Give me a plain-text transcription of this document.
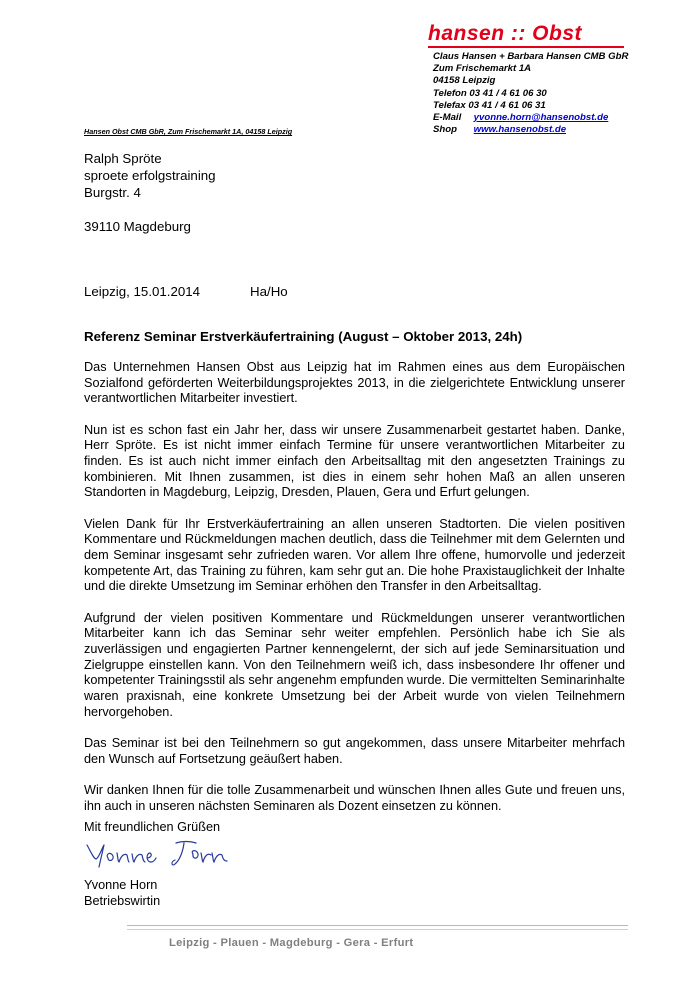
hansen :: Obst
Claus Hansen + Barbara Hansen CMB GbR
Zum Frischemarkt 1A
04158 Leipzig
Telefon 03 41 / 4 61 06 30
Telefax 03 41 / 4 61 06 31
E-Mail yvonne.horn@hansenobst.de
Shop www.hansenobst.de
Hansen Obst CMB GbR, Zum Frischemarkt 1A, 04158 Leipzig
Ralph Spröte
sproete erfolgstraining
Burgstr. 4
39110 Magdeburg
Leipzig, 15.01.2014	Ha/Ho
Referenz Seminar Erstverkäufertraining (August – Oktober 2013, 24h)

Das Unternehmen Hansen Obst aus Leipzig hat im Rahmen eines aus dem Europäischen Sozialfond geförderten Weiterbildungsprojektes 2013, in die zielgerichtete Entwicklung unserer verantwortlichen Mitarbeiter investiert.

Nun ist es schon fast ein Jahr her, dass wir unsere Zusammenarbeit gestartet haben. Danke, Herr Spröte. Es ist nicht immer einfach Termine für unsere verantwortlichen Mitarbeiter zu finden. Es ist auch nicht immer einfach den Arbeitsalltag mit den angesetzten Trainings zu kombinieren. Mit Ihnen zusammen, ist dies in einem sehr hohen Maß an allen unseren Standorten in Magdeburg, Leipzig, Dresden, Plauen, Gera und Erfurt gelungen.

Vielen Dank für Ihr Erstverkäufertraining an allen unseren Stadtorten. Die vielen positiven Kommentare und Rückmeldungen machen deutlich, dass die Teilnehmer mit dem Gelernten und dem Seminar insgesamt sehr zufrieden waren. Vor allem Ihre offene, humorvolle und jederzeit kompetente Art, das Training zu führen, kam sehr gut an. Die hohe Praxistauglichkeit der Inhalte und die direkte Umsetzung im Seminar erhöhen den Transfer in den Arbeitsalltag.

Aufgrund der vielen positiven Kommentare und Rückmeldungen unserer verantwortlichen Mitarbeiter kann ich das Seminar sehr weiter empfehlen. Persönlich habe ich Sie als zuverlässigen und engagierten Partner kennengelernt, der sich auf jede Seminarsituation und Zielgruppe einstellen kann. Von den Teilnehmern weiß ich, dass insbesondere Ihr offener und kompetenter Trainingsstil als sehr angenehm empfunden wurde. Die vermittelten Seminarinhalte waren praxisnah, eine konkrete Umsetzung bei der Arbeit wurde von vielen Teilnehmern hervorgehoben.

Das Seminar ist bei den Teilnehmern so gut angekommen, dass unsere Mitarbeiter mehrfach den Wunsch auf Fortsetzung geäußert haben.

Wir danken Ihnen für die tolle Zusammenarbeit und wünschen Ihnen alles Gute und freuen uns, ihn auch in unseren nächsten Seminaren als Dozent einsetzen zu können.

Mit freundlichen Grüßen
Yvonne Horn
Betriebswirtin
Leipzig - Plauen - Magdeburg - Gera - Erfurt
